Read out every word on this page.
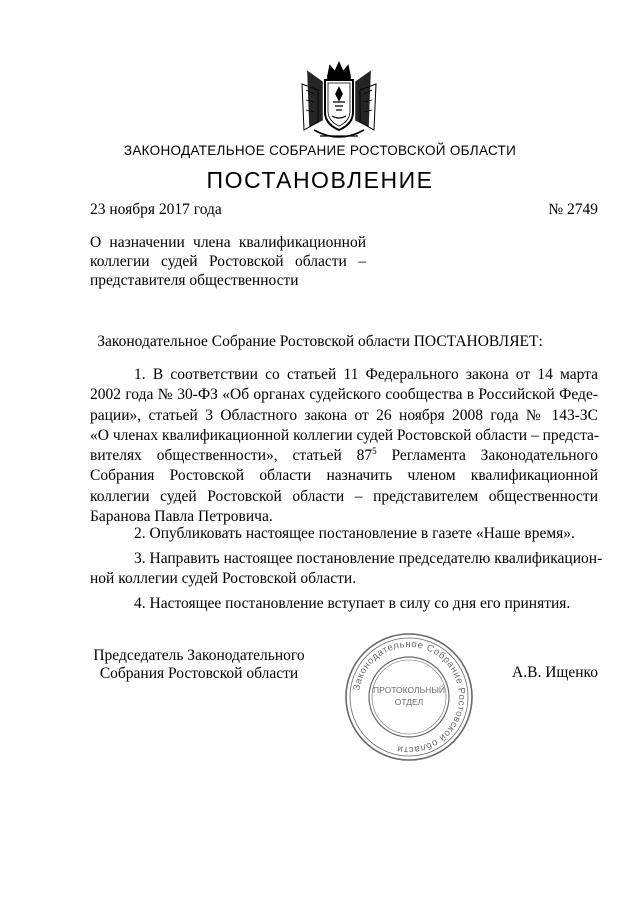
ЗАКОНОДАТЕЛЬНОЕ СОБРАНИЕ РОСТОВСКОЙ ОБЛАСТИ
ПОСТАНОВЛЕНИЕ
23 ноября 2017 года	№ 2749
О назначении члена квалификационной
коллегии судей Ростовской области –
представителя общественности
Законодательное Собрание Ростовской области ПОСТАНОВЛЯЕТ:
1. В соответствии со статьей 11 Федерального закона от 14 марта
2002 года № 30-ФЗ «Об органах судейского сообщества в Российской Феде-
рации», статьей 3 Областного закона от 26 ноября 2008 года № 143-ЗС
«О членах квалификационной коллегии судей Ростовской области – предста-
вителях общественности», статьей $87^5$ Регламента Законодательного
Собрания Ростовской области назначить членом квалификационной
коллегии судей Ростовской области – представителем общественности
Баранова Павла Петровича.
2. Опубликовать настоящее постановление в газете «Наше время».
3. Направить настоящее постановление председателю квалификацион-
ной коллегии судей Ростовской области.
4. Настоящее постановление вступает в силу со дня его принятия.
Председатель Законодательного
Собрания Ростовской области	А.В. Ищенко
Законодательное Собрание Ростовской области
ПРОТОКОЛЬНЫЙ
ОТДЕЛ
